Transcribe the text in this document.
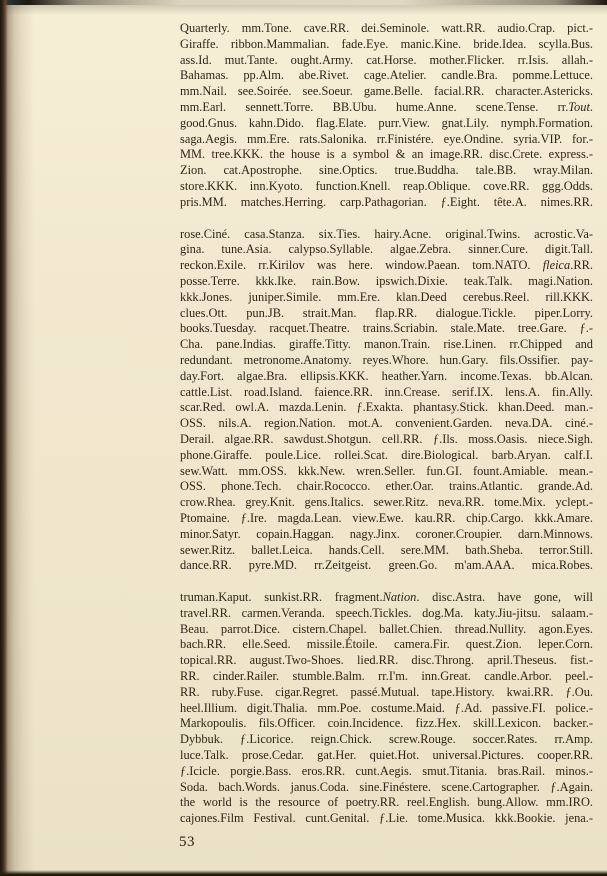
Quarterly. mm.Tone. cave.RR. dei.Seminole. watt.RR. audio.Crap. pict.-
Giraffe. ribbon.Mammalian. fade.Eye. manic.Kine. bride.Idea. scylla.Bus.
ass.Id. mut.Tante. ought.Army. cat.Horse. mother.Flicker. rr.Isis. allah.-
Bahamas. pp.Alm. abe.Rivet. cage.Atelier. candle.Bra. pomme.Lettuce.
mm.Nail. see.Soirée. see.Soeur. game.Belle. facial.RR. character.Astericks.
mm.Earl. sennett.Torre. BB.Ubu. hume.Anne. scene.Tense. rr.Tout.
good.Gnus. kahn.Dido. flag.Elate. purr.View. gnat.Lily. nymph.Formation.
saga.Aegis. mm.Ere. rats.Salonika. rr.Finistére. eye.Ondine. syria.VIP. for.-
MM. tree.KKK. the house is a symbol & an image.RR. disc.Crete. express.-
Zion. cat.Apostrophe. sine.Optics. true.Buddha. tale.BB. wray.Milan.
store.KKK. inn.Kyoto. function.Knell. reap.Oblique. cove.RR. ggg.Odds.
pris.MM. matches.Herring. carp.Pathagorian. ƒ.Eight. tête.A. nimes.RR.
rose.Ciné. casa.Stanza. six.Ties. hairy.Acne. original.Twins. acrostic.Va-
gina. tune.Asia. calypso.Syllable. algae.Zebra. sinner.Cure. digit.Tall.
reckon.Exile. rr.Kirilov was here. window.Paean. tom.NATO. fleica.RR.
posse.Terre. kkk.Ike. rain.Bow. ipswich.Dixie. teak.Talk. magi.Nation.
kkk.Jones. juniper.Simile. mm.Ere. klan.Deed cerebus.Reel. rill.KKK.
clues.Ott. pun.JB. strait.Man. flap.RR. dialogue.Tickle. piper.Lorry.
books.Tuesday. racquet.Theatre. trains.Scriabin. stale.Mate. tree.Gare. ƒ.-
Cha. pane.Indias. giraffe.Titty. manon.Train. rise.Linen. rr.Chipped and
redundant. metronome.Anatomy. reyes.Whore. hun.Gary. fils.Ossifier. pay-
day.Fort. algae.Bra. ellipsis.KKK. heather.Yarn. income.Texas. bb.Alcan.
cattle.List. road.Island. faience.RR. inn.Crease. serif.IX. lens.A. fin.Ally.
scar.Red. owl.A. mazda.Lenin. ƒ.Exakta. phantasy.Stick. khan.Deed. man.-
OSS. nils.A. region.Nation. mot.A. convenient.Garden. neva.DA. ciné.-
Derail. algae.RR. sawdust.Shotgun. cell.RR. ƒ.Ils. moss.Oasis. niece.Sigh.
phone.Giraffe. poule.Lice. rollei.Scat. dire.Biological. barb.Aryan. calf.I.
sew.Watt. mm.OSS. kkk.New. wren.Seller. fun.GI. fount.Amiable. mean.-
OSS. phone.Tech. chair.Rococco. ether.Oar. trains.Atlantic. grande.Ad.
crow.Rhea. grey.Knit. gens.Italics. sewer.Ritz. neva.RR. tome.Mix. yclept.-
Ptomaine. ƒ.Ire. magda.Lean. view.Ewe. kau.RR. chip.Cargo. kkk.Amare.
minor.Satyr. copain.Haggan. nagy.Jinx. coroner.Croupier. darn.Minnows.
sewer.Ritz. ballet.Leica. hands.Cell. sere.MM. bath.Sheba. terror.Still.
dance.RR. pyre.MD. rr.Zeitgeist. green.Go. m'am.AAA. mica.Robes.
truman.Kaput. sunkist.RR. fragment.Nation. disc.Astra. have gone, will
travel.RR. carmen.Veranda. speech.Tickles. dog.Ma. katy.Jiu-jitsu. salaam.-
Beau. parrot.Dice. cistern.Chapel. ballet.Chien. thread.Nullity. agon.Eyes.
bach.RR. elle.Seed. missile.Étoile. camera.Fir. quest.Zion. leper.Corn.
topical.RR. august.Two-Shoes. lied.RR. disc.Throng. april.Theseus. fist.-
RR. cinder.Railer. stumble.Balm. rr.I'm. inn.Great. candle.Arbor. peel.-
RR. ruby.Fuse. cigar.Regret. passé.Mutual. tape.History. kwai.RR. ƒ.Ou.
heel.Illium. digit.Thalia. mm.Poe. costume.Maid. ƒ.Ad. passive.FI. police.-
Markopoulis. fils.Officer. coin.Incidence. fizz.Hex. skill.Lexicon. backer.-
Dybbuk. ƒ.Licorice. reign.Chick. screw.Rouge. soccer.Rates. rr.Amp.
luce.Talk. prose.Cedar. gat.Her. quiet.Hot. universal.Pictures. cooper.RR.
ƒ.Icicle. porgie.Bass. eros.RR. cunt.Aegis. smut.Titania. bras.Rail. minos.-
Soda. bach.Words. janus.Coda. sine.Finéstere. scene.Cartographer. ƒ.Again.
the world is the resource of poetry.RR. reel.English. bung.Allow. mm.IRO.
cajones.Film Festival. cunt.Genital. ƒ.Lie. tome.Musica. kkk.Bookie. jena.-
53
